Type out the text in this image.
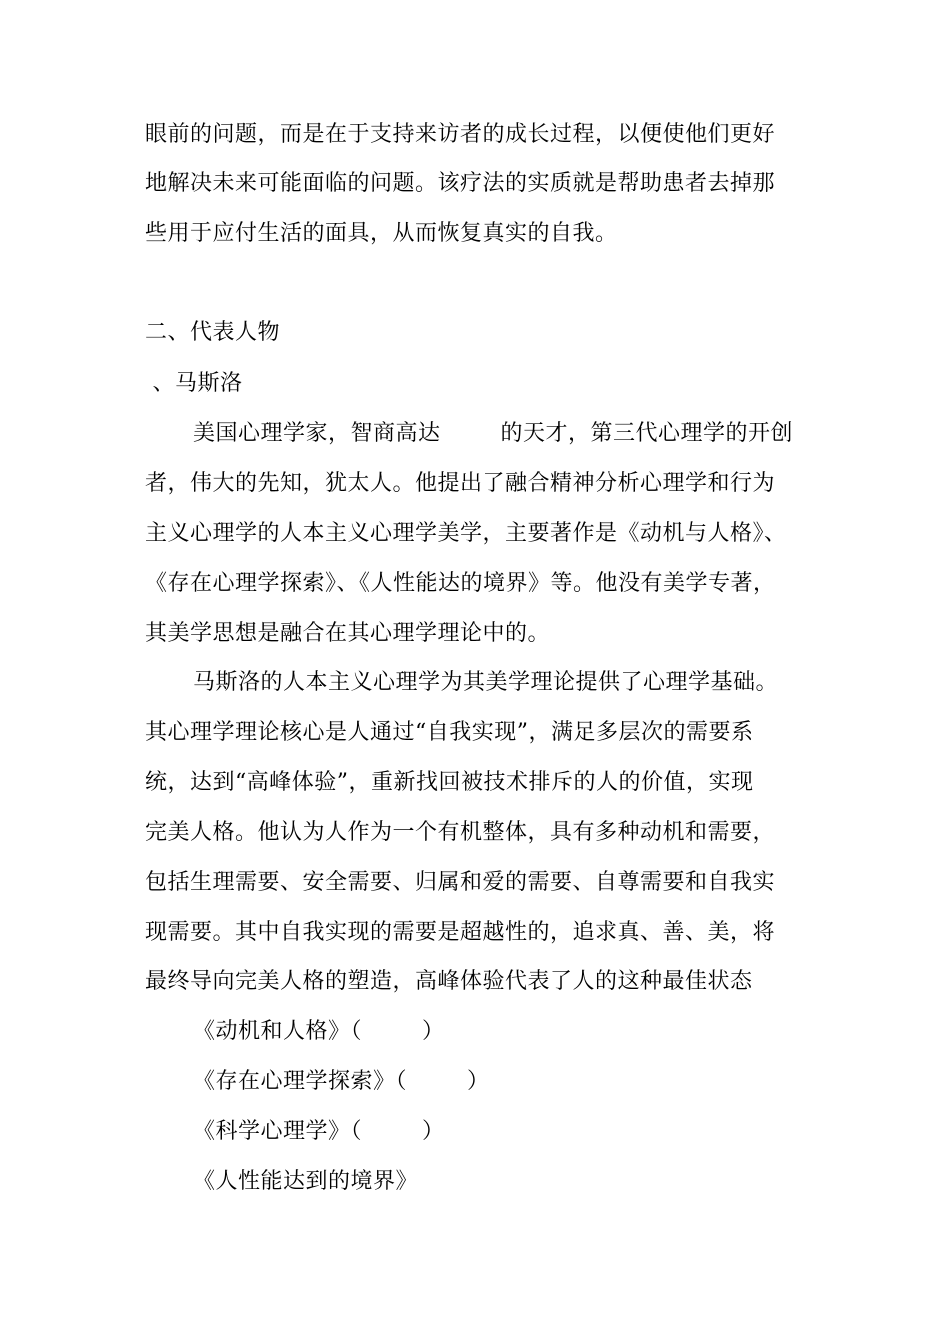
眼前的问题，而是在于支持来访者的成长过程，以便使他们更好
地解决未来可能面临的问题。该疗法的实质就是帮助患者去掉那
些用于应付生活的面具，从而恢复真实的自我。
二、代表人物
、马斯洛
美国心理学家，智商高达        的天才，第三代心理学的开创
者，伟大的先知，犹太人。他提出了融合精神分析心理学和行为
主义心理学的人本主义心理学美学，主要著作是《动机与人格》、
《存在心理学探索》、《人性能达的境界》等。他没有美学专著，
其美学思想是融合在其心理学理论中的。
马斯洛的人本主义心理学为其美学理论提供了心理学基础。
其心理学理论核心是人通过“自我实现”，满足多层次的需要系
统，达到“高峰体验”，重新找回被技术排斥的人的价值，实现
完美人格。他认为人作为一个有机整体，具有多种动机和需要，
包括生理需要、安全需要、归属和爱的需要、自尊需要和自我实
现需要。其中自我实现的需要是超越性的，追求真、善、美，将
最终导向完美人格的塑造，高峰体验代表了人的这种最佳状态
《动机和人格》（        ）
《存在心理学探索》（        ）
《科学心理学》（        ）
《人性能达到的境界》
